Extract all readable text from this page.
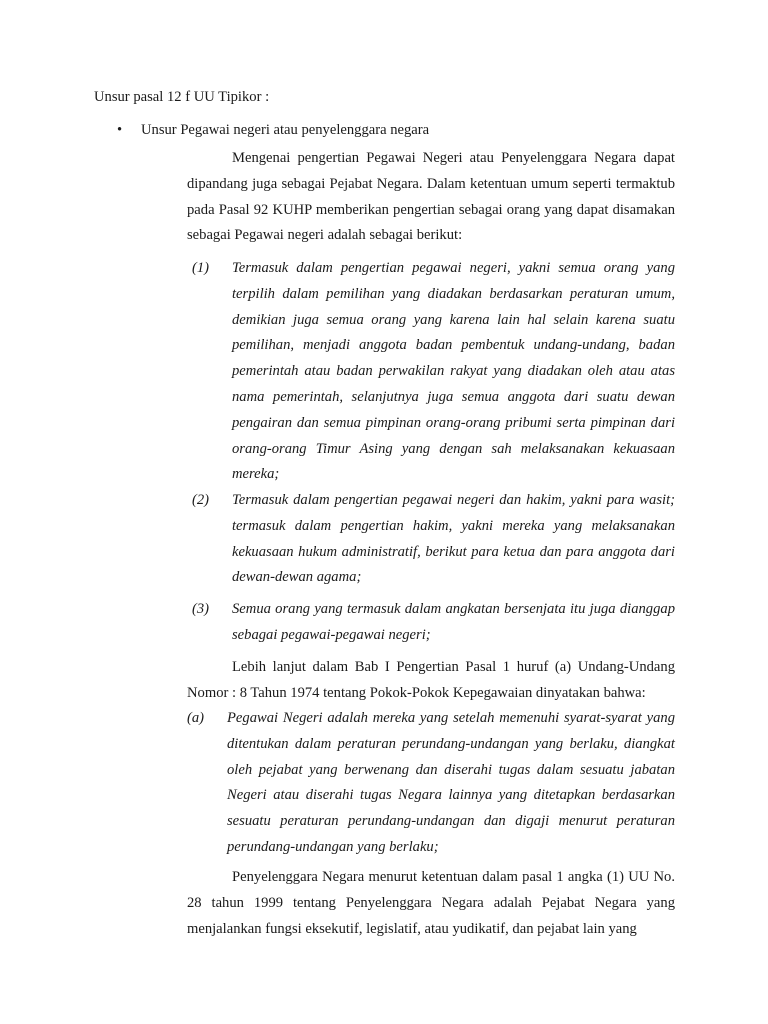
Unsur pasal 12 f UU Tipikor :
• Unsur Pegawai negeri atau penyelenggara negara

Mengenai pengertian Pegawai Negeri atau Penyelenggara Negara dapat dipandang juga sebagai Pejabat Negara. Dalam ketentuan umum seperti termaktub pada Pasal 92 KUHP memberikan pengertian sebagai orang yang dapat disamakan sebagai Pegawai negeri adalah sebagai berikut:

(1) Termasuk dalam pengertian pegawai negeri, yakni semua orang yang terpilih dalam pemilihan yang diadakan berdasarkan peraturan umum, demikian juga semua orang yang karena lain hal selain karena suatu pemilihan, menjadi anggota badan pembentuk undang-undang, badan pemerintah atau badan perwakilan rakyat yang diadakan oleh atau atas nama pemerintah, selanjutnya juga semua anggota dari suatu dewan pengairan dan semua pimpinan orang-orang pribumi serta pimpinan dari orang-orang Timur Asing yang dengan sah melaksanakan kekuasaan mereka;

(2) Termasuk dalam pengertian pegawai negeri dan hakim, yakni para wasit; termasuk dalam pengertian hakim, yakni mereka yang melaksanakan kekuasaan hukum administratif, berikut para ketua dan para anggota dari dewan-dewan agama;

(3) Semua orang yang termasuk dalam angkatan bersenjata itu juga dianggap sebagai pegawai-pegawai negeri;

Lebih lanjut dalam Bab I Pengertian Pasal 1 huruf (a) Undang-Undang Nomor : 8 Tahun 1974 tentang Pokok-Pokok Kepegawaian dinyatakan bahwa:

(a) Pegawai Negeri adalah mereka yang setelah memenuhi syarat-syarat yang ditentukan dalam peraturan perundang-undangan yang berlaku, diangkat oleh pejabat yang berwenang dan diserahi tugas dalam sesuatu jabatan Negeri atau diserahi tugas Negara lainnya yang ditetapkan berdasarkan sesuatu peraturan perundang-undangan dan digaji menurut peraturan perundang-undangan yang berlaku;

Penyelenggara Negara menurut ketentuan dalam pasal 1 angka (1) UU No. 28 tahun 1999 tentang Penyelenggara Negara adalah Pejabat Negara yang menjalankan fungsi eksekutif, legislatif, atau yudikatif, dan pejabat lain yang
